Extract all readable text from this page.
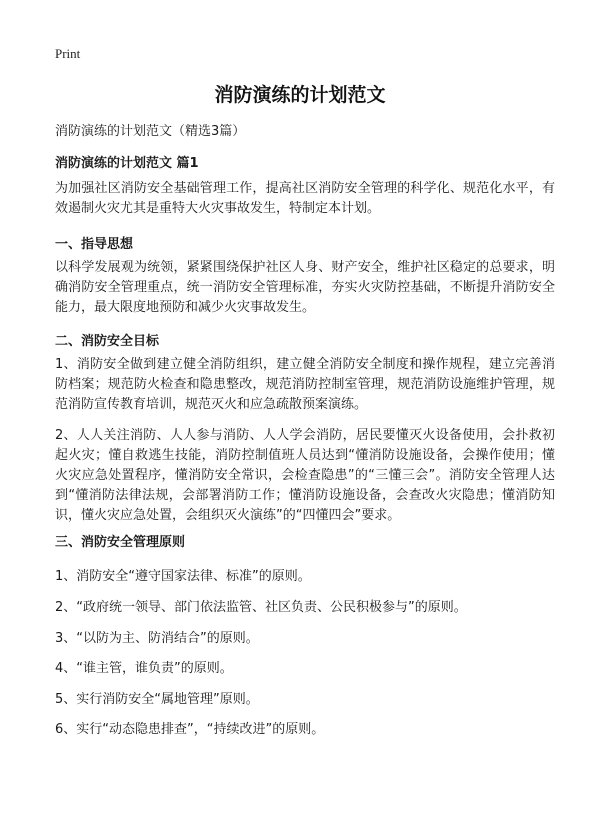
Print
消防演练的计划范文

消防演练的计划范文（精选3篇）

消防演练的计划范文 篇1

为加强社区消防安全基础管理工作，提高社区消防安全管理的科学化、规范化水平，有效遏制火灾尤其是重特大火灾事故发生，特制定本计划。

一、指导思想

以科学发展观为统领，紧紧围绕保护社区人身、财产安全，维护社区稳定的总要求，明确消防安全管理重点，统一消防安全管理标准，夯实火灾防控基础，不断提升消防安全能力，最大限度地预防和减少火灾事故发生。

二、消防安全目标

1、消防安全做到建立健全消防组织，建立健全消防安全制度和操作规程，建立完善消防档案；规范防火检查和隐患整改，规范消防控制室管理，规范消防设施维护管理，规范消防宣传教育培训，规范灭火和应急疏散预案演练。

2、人人关注消防、人人参与消防、人人学会消防，居民要懂灭火设备使用，会扑救初起火灾；懂自救逃生技能，消防控制值班人员达到“懂消防设施设备，会操作使用；懂火灾应急处置程序，懂消防安全常识，会检查隐患”的“三懂三会”。消防安全管理人达到“懂消防法律法规，会部署消防工作；懂消防设施设备，会查改火灾隐患；懂消防知识，懂火灾应急处置，会组织灭火演练”的“四懂四会”要求。

三、消防安全管理原则

1、消防安全“遵守国家法律、标准”的原则。

2、“政府统一领导、部门依法监管、社区负责、公民积极参与”的原则。

3、“以防为主、防消结合”的原则。

4、“谁主管，谁负责”的原则。

5、实行消防安全“属地管理”原则。

6、实行“动态隐患排查”，“持续改进”的原则。
